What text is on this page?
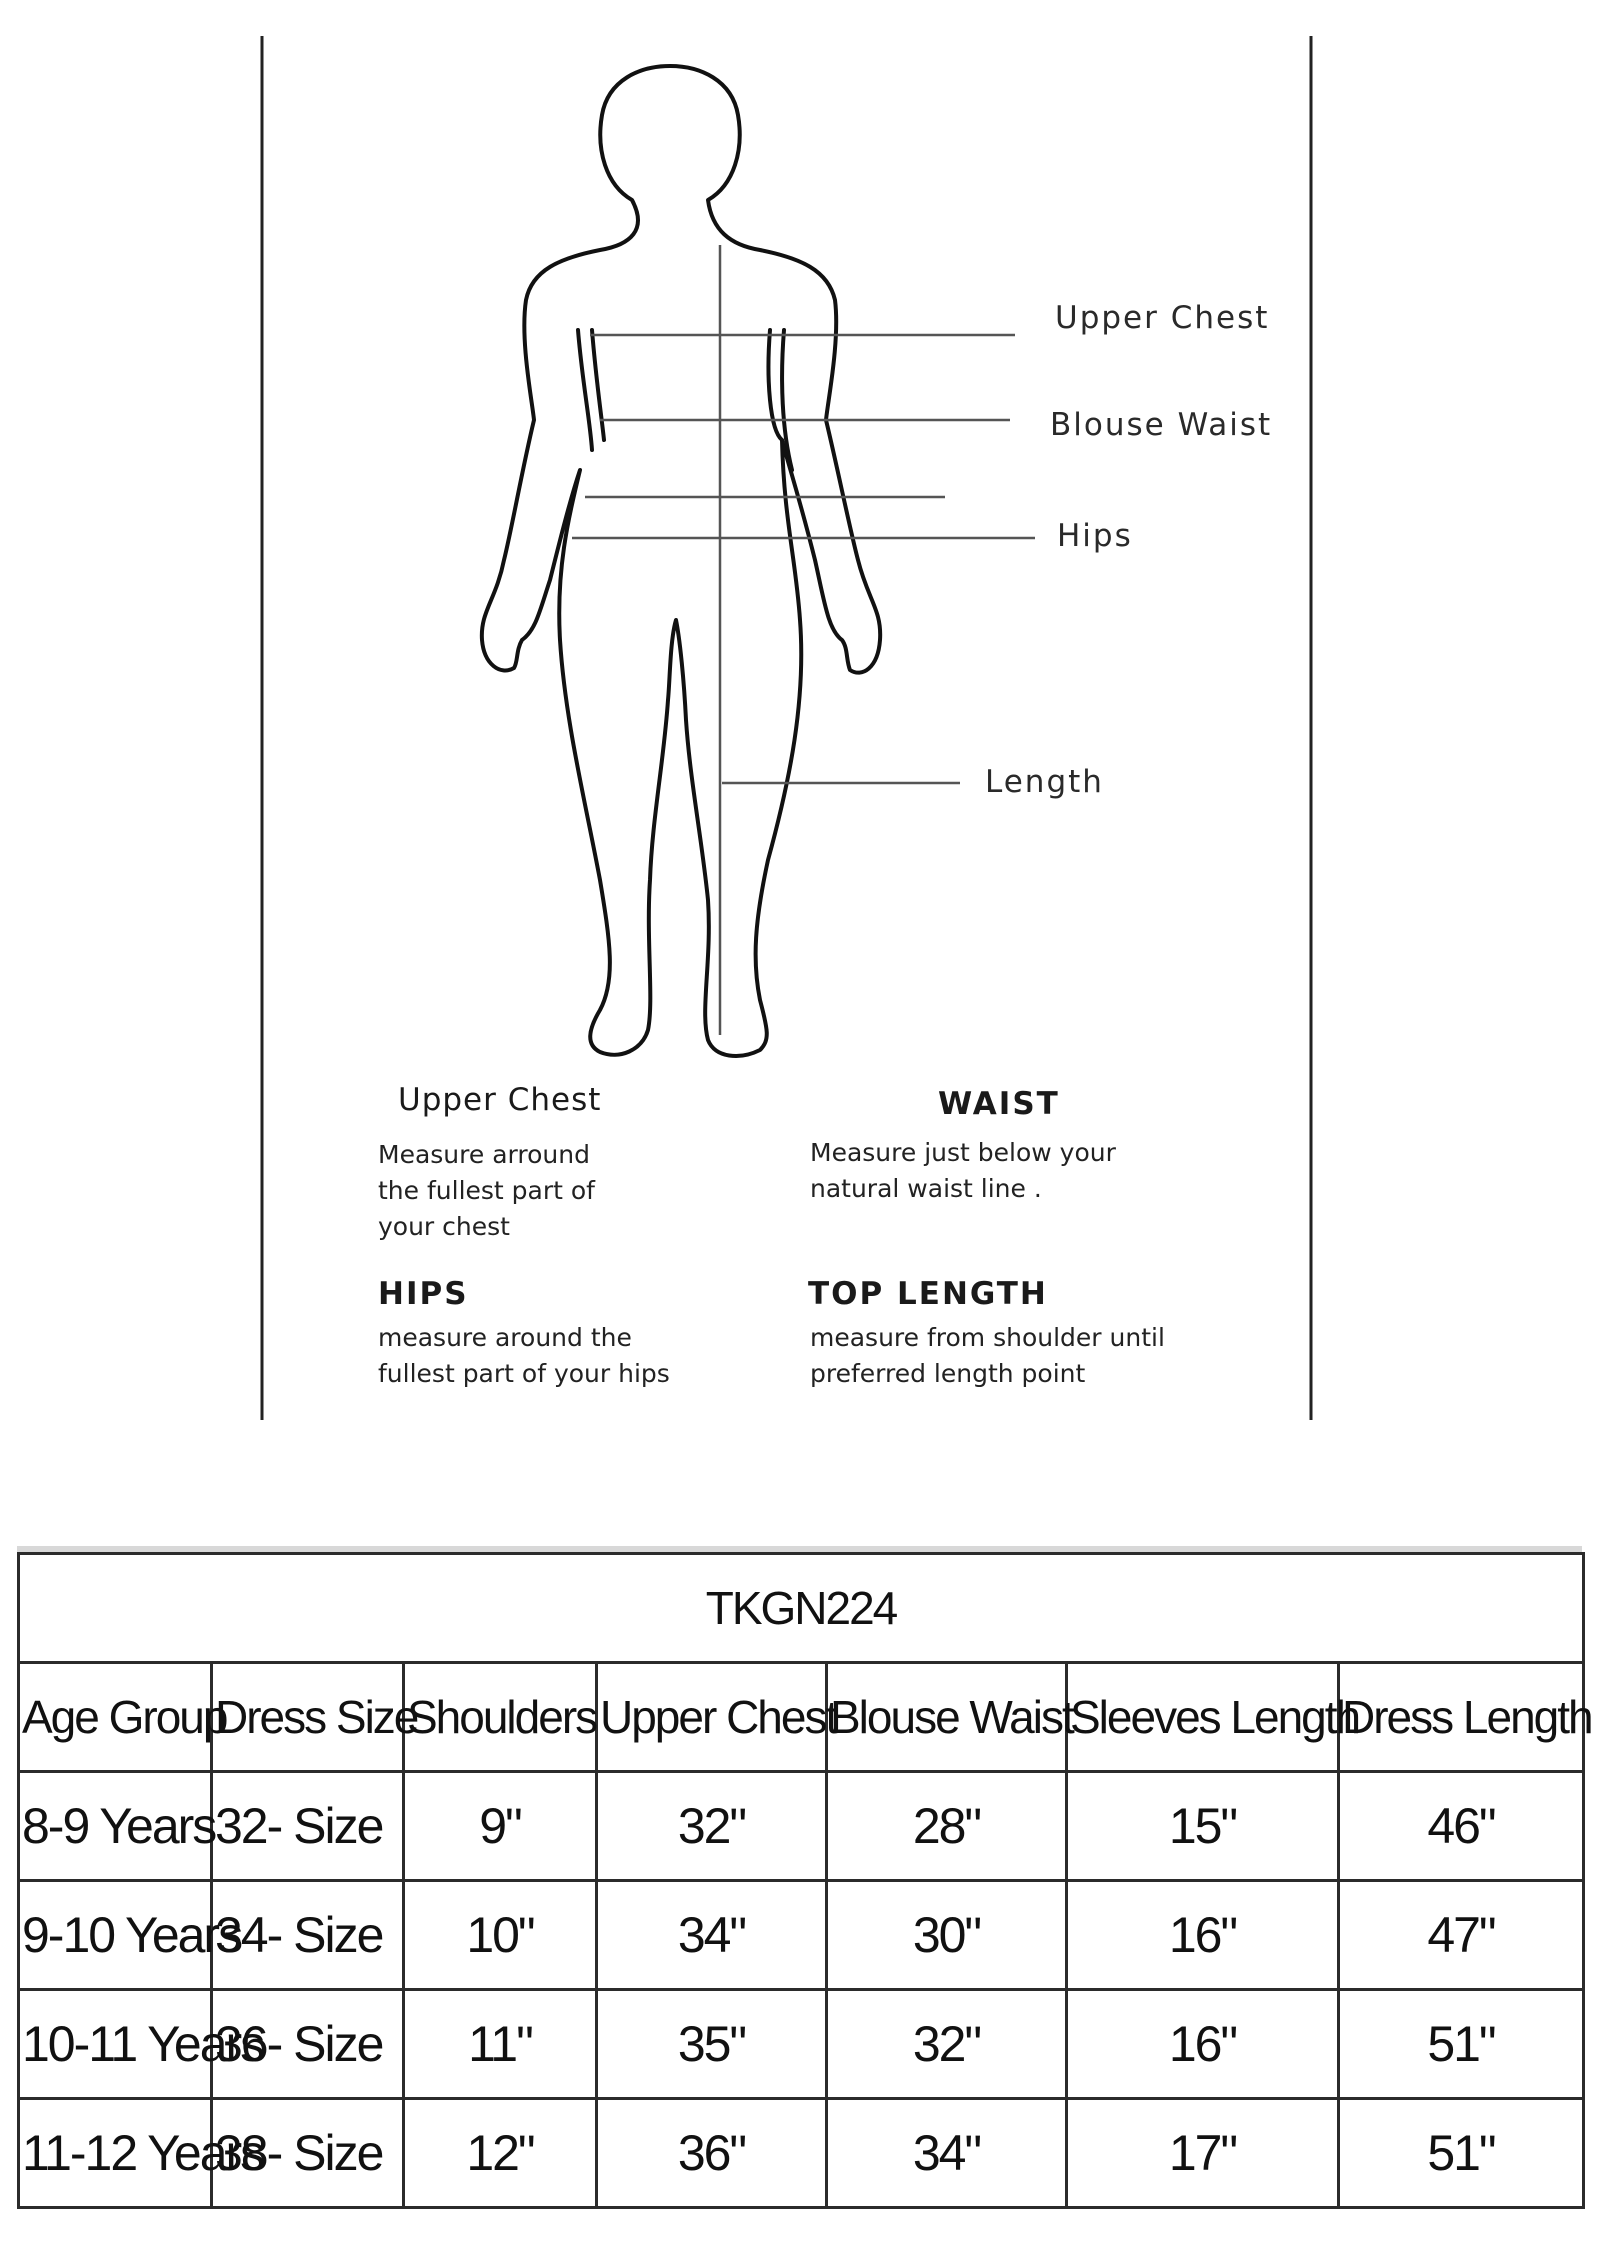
Upper Chest
Blouse Waist
Hips
Length
Upper Chest
Measure arround
the fullest part of
your chest
WAIST
Measure just below your
natural waist line .
HIPS
measure around the
fullest part of your hips
TOP LENGTH
measure from shoulder until
preferred length point
TKGN224						
Age Group	Dress Size	Shoulders	Upper Chest	Blouse Waist	Sleeves Length	Dress Length
8-9 Years	32- Size	9"	32"	28"	15"	46"
9-10 Years	34- Size	10"	34"	30"	16"	47"
10-11 Years	36- Size	11"	35"	32"	16"	51"
11-12 Years	38- Size	12"	36"	34"	17"	51"
